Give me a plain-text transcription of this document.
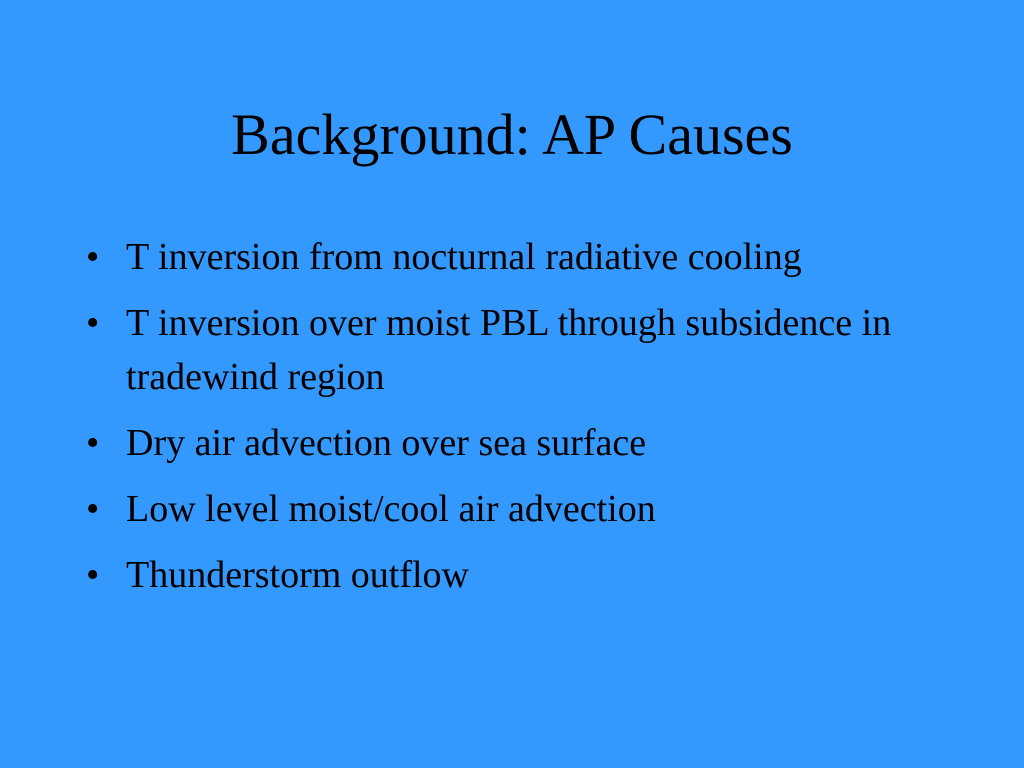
Background: AP Causes
• T inversion from nocturnal radiative cooling
• T inversion over moist PBL through subsidence in tradewind region
• Dry air advection over sea surface
• Low level moist/cool air advection
• Thunderstorm outflow
